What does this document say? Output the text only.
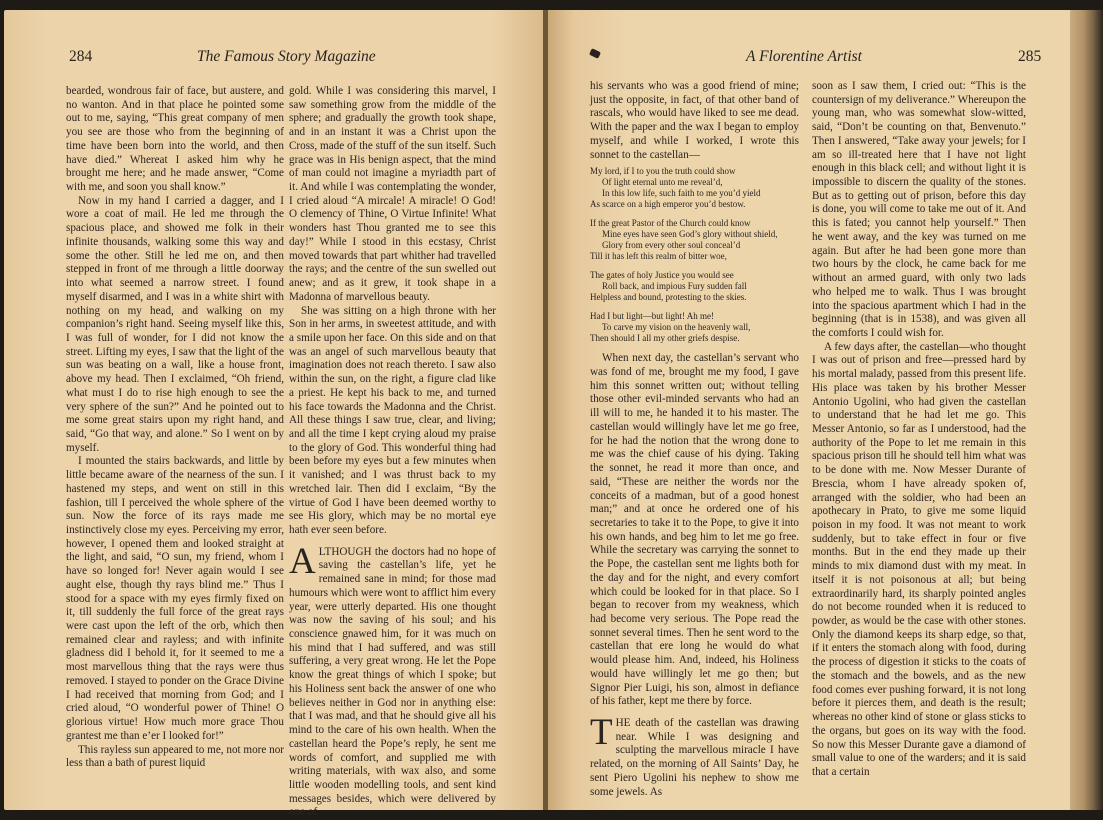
284	The Famous Story Magazine

bearded, wondrous fair of face, but austere, and no wanton. And in that place he pointed some out to me, saying, “This great company of men you see are those who from the beginning of time have been born into the world, and then have died.” Whereat I asked him why he brought me here; and he made answer, “Come with me, and soon you shall know.”

Now in my hand I carried a dagger, and I wore a coat of mail. He led me through the spacious place, and showed me folk in their infinite thousands, walking some this way and some the other. Still he led me on, and then stepped in front of me through a little doorway into what seemed a narrow street. I found myself disarmed, and I was in a white shirt with nothing on my head, and walking on my companion’s right hand. Seeing myself like this, I was full of wonder, for I did not know the street. Lifting my eyes, I saw that the light of the sun was beating on a wall, like a house front, above my head. Then I exclaimed, “Oh friend, what must I do to rise high enough to see the very sphere of the sun?” And he pointed out to me some great stairs upon my right hand, and said, “Go that way, and alone.” So I went on by myself.

I mounted the stairs backwards, and little by little became aware of the nearness of the sun. I hastened my steps, and went on still in this fashion, till I perceived the whole sphere of the sun. Now the force of its rays made me instinctively close my eyes. Perceiving my error, however, I opened them and looked straight at the light, and said, “O sun, my friend, whom I have so longed for! Never again would I see aught else, though thy rays blind me.” Thus I stood for a space with my eyes firmly fixed on it, till suddenly the full force of the great rays were cast upon the left of the orb, which then remained clear and rayless; and with infinite gladness did I behold it, for it seemed to me a most marvellous thing that the rays were thus removed. I stayed to ponder on the Grace Divine I had received that morning from God; and I cried aloud, “O wonderful power of Thine! O glorious virtue! How much more grace Thou grantest me than e’er I looked for!”

This rayless sun appeared to me, not more nor less than a bath of purest liquid

gold. While I was considering this marvel, I saw something grow from the middle of the sphere; and gradually the growth took shape, and in an instant it was a Christ upon the Cross, made of the stuff of the sun itself. Such grace was in His benign aspect, that the mind of man could not imagine a myriadth part of it. And while I was contemplating the wonder, I cried aloud “A mircale! A miracle! O God! O clemency of Thine, O Virtue Infinite! What wonders hast Thou granted me to see this day!” While I stood in this ecstasy, Christ moved towards that part whither had travelled the rays; and the centre of the sun swelled out anew; and as it grew, it took shape in a Madonna of marvellous beauty.

She was sitting on a high throne with her Son in her arms, in sweetest attitude, and with a smile upon her face. On this side and on that was an angel of such marvellous beauty that imagination does not reach thereto. I saw also within the sun, on the right, a figure clad like a priest. He kept his back to me, and turned his face towards the Madonna and the Christ. All these things I saw true, clear, and living; and all the time I kept crying aloud my praise to the glory of God. This wonderful thing had been before my eyes but a few minutes when it vanished; and I was thrust back to my wretched lair. Then did I exclaim, “By the virtue of God I have been deemed worthy to see His glory, which may be no mortal eye hath ever seen before.

ALTHOUGH the doctors had no hope of saving the castellan’s life, yet he remained sane in mind; for those mad humours which were wont to afflict him every year, were utterly departed. His one thought was now the saving of his soul; and his conscience gnawed him, for it was much on his mind that I had suffered, and was still suffering, a very great wrong. He let the Pope know the great things of which I spoke; but his Holiness sent back the answer of one who believes neither in God nor in anything else: that I was mad, and that he should give all his mind to the care of his own health. When the castellan heard the Pope’s reply, he sent me words of comfort, and supplied me with writing materials, with wax also, and some little wooden modelling tools, and sent kind messages besides, which were delivered by one of

A Florentine Artist	285

his servants who was a good friend of mine; just the opposite, in fact, of that other band of rascals, who would have liked to see me dead. With the paper and the wax I began to employ myself, and while I worked, I wrote this sonnet to the castellan—

My lord, if I to you the truth could show
Of light eternal unto me reveal’d,
In this low life, such faith to me you’d yield
As scarce on a high emperor you’d bestow.
If the great Pastor of the Church could know
Mine eyes have seen God’s glory without shield,
Glory from every other soul conceal’d
Till it has left this realm of bitter woe,
The gates of holy Justice you would see
Roll back, and impious Fury sudden fall
Helpless and bound, protesting to the skies.
Had I but light—but light! Ah me!
To carve my vision on the heavenly wall,
Then should I all my other griefs despise.

When next day, the castellan’s servant who was fond of me, brought me my food, I gave him this sonnet written out; without telling those other evil-minded servants who had an ill will to me, he handed it to his master. The castellan would willingly have let me go free, for he had the notion that the wrong done to me was the chief cause of his dying. Taking the sonnet, he read it more than once, and said, “These are neither the words nor the conceits of a madman, but of a good honest man;” and at once he ordered one of his secretaries to take it to the Pope, to give it into his own hands, and beg him to let me go free. While the secretary was carrying the sonnet to the Pope, the castellan sent me lights both for the day and for the night, and every comfort which could be looked for in that place. So I began to recover from my weakness, which had become very serious. The Pope read the sonnet several times. Then he sent word to the castellan that ere long he would do what would please him. And, indeed, his Holiness would have willingly let me go then; but Signor Pier Luigi, his son, almost in defiance of his father, kept me there by force.

THE death of the castellan was drawing near. While I was designing and sculpting the marvellous miracle I have related, on the morning of All Saints’ Day, he sent Piero Ugolini his nephew to show me some jewels. As

soon as I saw them, I cried out: “This is the countersign of my deliverance.” Whereupon the young man, who was somewhat slow-witted, said, “Don’t be counting on that, Benvenuto.” Then I answered, “Take away your jewels; for I am so ill-treated here that I have not light enough in this black cell; and without light it is impossible to discern the quality of the stones. But as to getting out of prison, before this day is done, you will come to take me out of it. And this is fated; you cannot help yourself.” Then he went away, and the key was turned on me again. But after he had been gone more than two hours by the clock, he came back for me without an armed guard, with only two lads who helped me to walk. Thus I was brought into the spacious apartment which I had in the beginning (that is in 1538), and was given all the comforts I could wish for.

A few days after, the castellan—who thought I was out of prison and free—pressed hard by his mortal malady, passed from this present life. His place was taken by his brother Messer Antonio Ugolini, who had given the castellan to understand that he had let me go. This Messer Antonio, so far as I understood, had the authority of the Pope to let me remain in this spacious prison till he should tell him what was to be done with me. Now Messer Durante of Brescia, whom I have already spoken of, arranged with the soldier, who had been an apothecary in Prato, to give me some liquid poison in my food. It was not meant to work suddenly, but to take effect in four or five months. But in the end they made up their minds to mix diamond dust with my meat. In itself it is not poisonous at all; but being extraordinarily hard, its sharply pointed angles do not become rounded when it is reduced to powder, as would be the case with other stones. Only the diamond keeps its sharp edge, so that, if it enters the stomach along with food, during the process of digestion it sticks to the coats of the stomach and the bowels, and as the new food comes ever pushing forward, it is not long before it pierces them, and death is the result; whereas no other kind of stone or glass sticks to the organs, but goes on its way with the food. So now this Messer Durante gave a diamond of small value to one of the warders; and it is said that a certain
